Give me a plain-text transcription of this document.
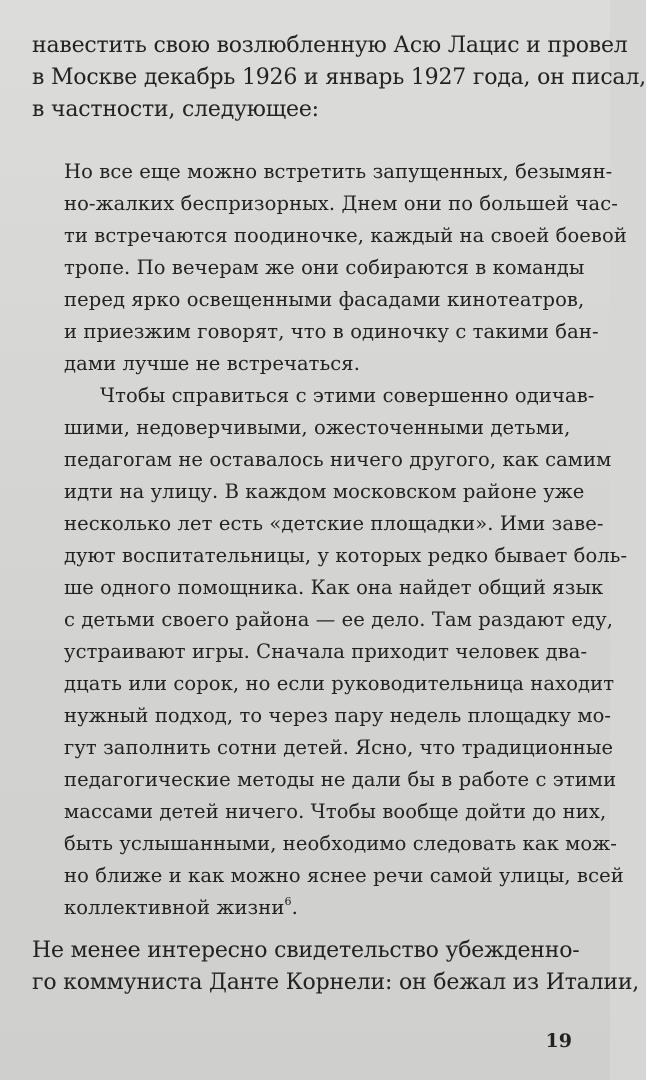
навестить свою возлюбленную Асю Лацис и провел
в Москве декабрь 1926 и январь 1927 года, он писал,
в частности, следующее:
Но все еще можно встретить запущенных, безымян-
но-жалких беспризорных. Днем они по большей час-
ти встречаются поодиночке, каждый на своей боевой
тропе. По вечерам же они собираются в команды
перед ярко освещенными фасадами кинотеатров,
и приезжим говорят, что в одиночку с такими бан-
дами лучше не встречаться.
Чтобы справиться с этими совершенно одичав-
шими, недоверчивыми, ожесточенными детьми,
педагогам не оставалось ничего другого, как самим
идти на улицу. В каждом московском районе уже
несколько лет есть «детские площадки». Ими заве-
дуют воспитательницы, у которых редко бывает боль-
ше одного помощника. Как она найдет общий язык
с детьми своего района — ее дело. Там раздают еду,
устраивают игры. Сначала приходит человек два-
дцать или сорок, но если руководительница находит
нужный подход, то через пару недель площадку мо-
гут заполнить сотни детей. Ясно, что традиционные
педагогические методы не дали бы в работе с этими
массами детей ничего. Чтобы вообще дойти до них,
быть услышанными, необходимо следовать как мож-
но ближе и как можно яснее речи самой улицы, всей
коллективной жизни$^6$.
Не менее интересно свидетельство убежденно-
го коммуниста Данте Корнели: он бежал из Италии,
19
